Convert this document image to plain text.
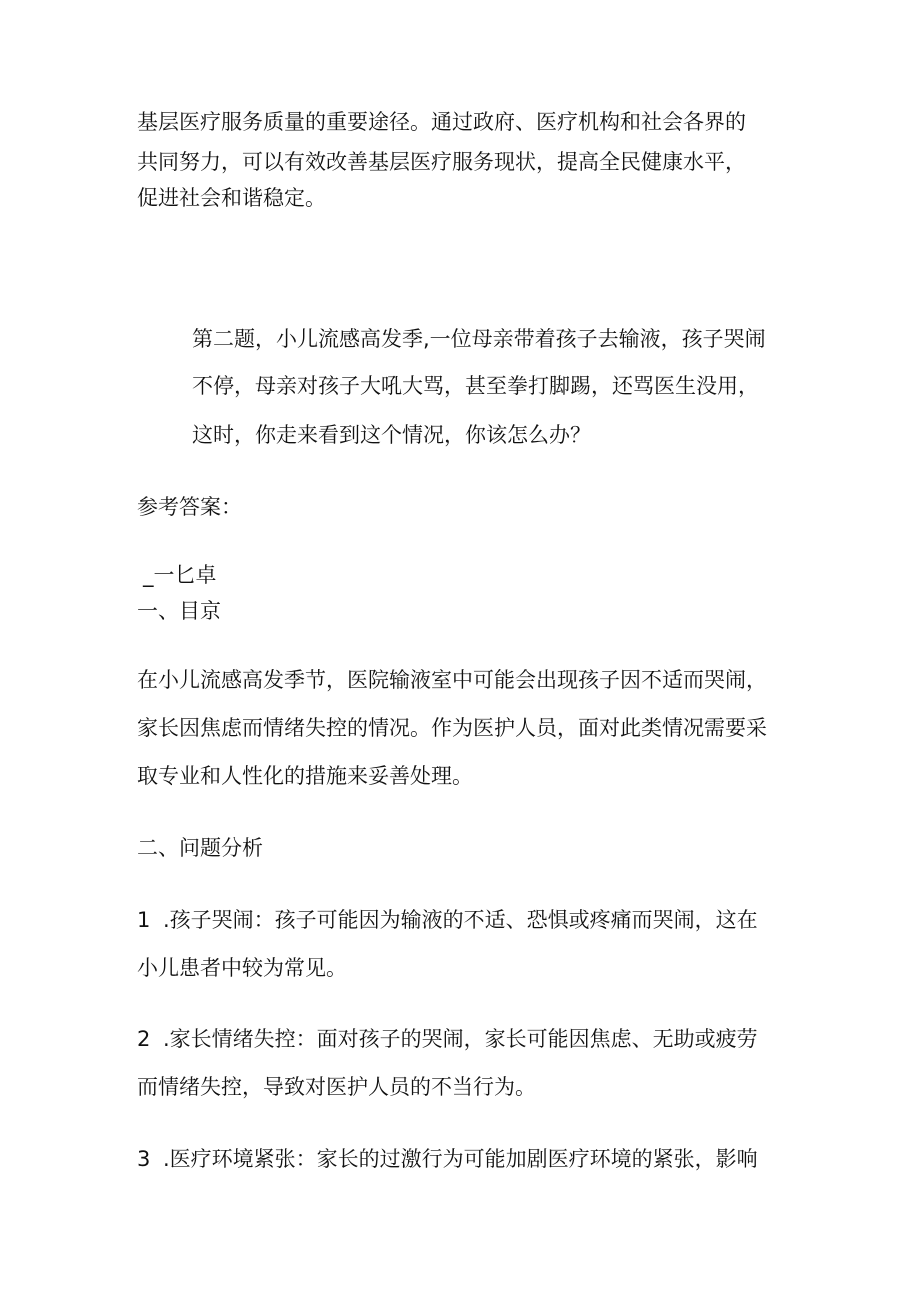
基层医疗服务质量的重要途径。通过政府、医疗机构和社会各界的
共同努力，可以有效改善基层医疗服务现状，提高全民健康水平，
促进社会和谐稳定。
第二题，小儿流感高发季,一位母亲带着孩子去输液，孩子哭闹
不停，母亲对孩子大吼大骂，甚至拳打脚踢，还骂医生没用，
这时，你走来看到这个情况，你该怎么办？
参考答案：
_一匕卓
一、目京
在小儿流感高发季节，医院输液室中可能会出现孩子因不适而哭闹，
家长因焦虑而情绪失控的情况。作为医护人员，面对此类情况需要采
取专业和人性化的措施来妥善处理。
二、问题分析
1 .孩子哭闹：孩子可能因为输液的不适、恐惧或疼痛而哭闹，这在
小儿患者中较为常见。
2 .家长情绪失控：面对孩子的哭闹，家长可能因焦虑、无助或疲劳
而情绪失控，导致对医护人员的不当行为。
3 .医疗环境紧张：家长的过激行为可能加剧医疗环境的紧张，影响
